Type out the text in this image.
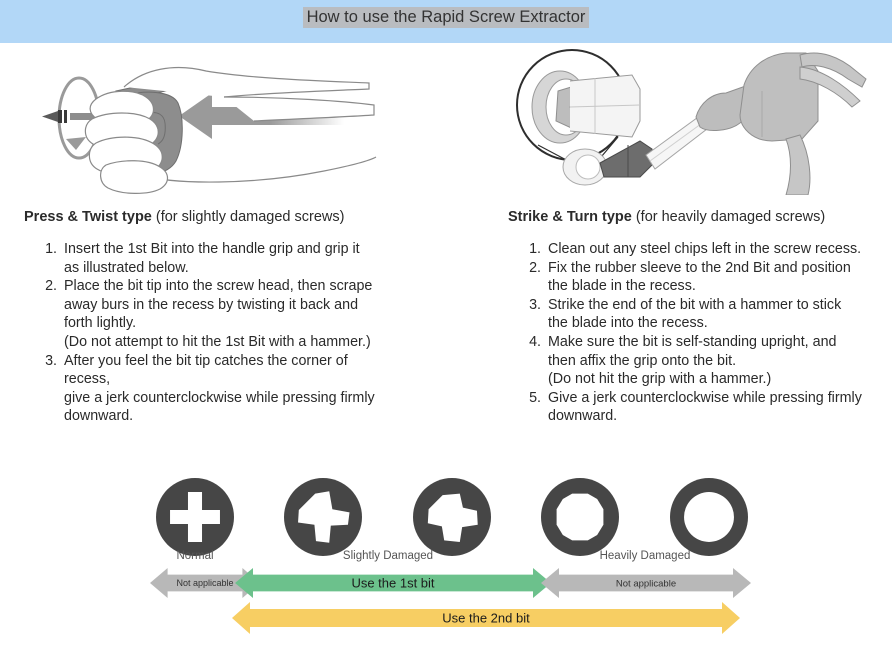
How to use the Rapid Screw Extractor

Press & Twist type (for slightly damaged screws)

1. Insert the 1st Bit into the handle grip and grip it
as illustrated below.
2. Place the bit tip into the screw head, then scrape
away burs in the recess by twisting it back and
forth lightly.
(Do not attempt to hit the 1st Bit with a hammer.)
3. After you feel the bit tip catches the corner of
recess,
give a jerk counterclockwise while pressing firmly
downward.

Strike & Turn type (for heavily damaged screws)

1. Clean out any steel chips left in the screw recess.
2. Fix the rubber sleeve to the 2nd Bit and position
the blade in the recess.
3. Strike the end of the bit with a hammer to stick
the blade into the recess.
4. Make sure the bit is self-standing upright, and
then affix the grip onto the bit.
(Do not hit the grip with a hammer.)
5. Give a jerk counterclockwise while pressing firmly
downward.
Normal	Slightly Damaged	Heavily Damaged
Not applicable	Use the 1st bit	Not applicable
Use the 2nd bit
